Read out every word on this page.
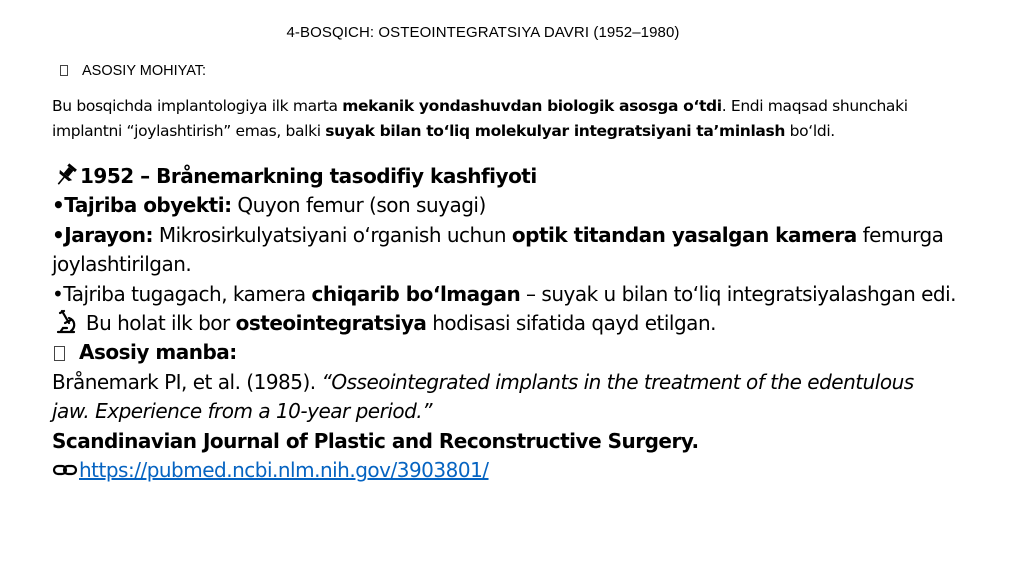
4-BOSQICH: OSTEOINTEGRATSIYA DAVRI (1952–1980)
ASOSIY MOHIYAT:
Bu bosqichda implantologiya ilk marta mekanik yondashuvdan biologik asosga o‘tdi. Endi maqsad shunchaki
implantni “joylashtirish” emas, balki suyak bilan to‘liq molekulyar integratsiyani ta’minlash bo‘ldi.
1952 – Brånemarkning tasodifiy kashfiyoti
•Tajriba obyekti: Quyon femur (son suyagi)
•Jarayon: Mikrosirkulyatsiyani o‘rganish uchun optik titandan yasalgan kamera femurga
joylashtirilgan.
•Tajriba tugagach, kamera chiqarib bo‘lmagan – suyak u bilan to‘liq integratsiyalashgan edi.
Bu holat ilk bor osteointegratsiya hodisasi sifatida qayd etilgan.
Asosiy manba:
Brånemark PI, et al. (1985). “Osseointegrated implants in the treatment of the edentulous
jaw. Experience from a 10-year period.”
Scandinavian Journal of Plastic and Reconstructive Surgery.
https://pubmed.ncbi.nlm.nih.gov/3903801/
